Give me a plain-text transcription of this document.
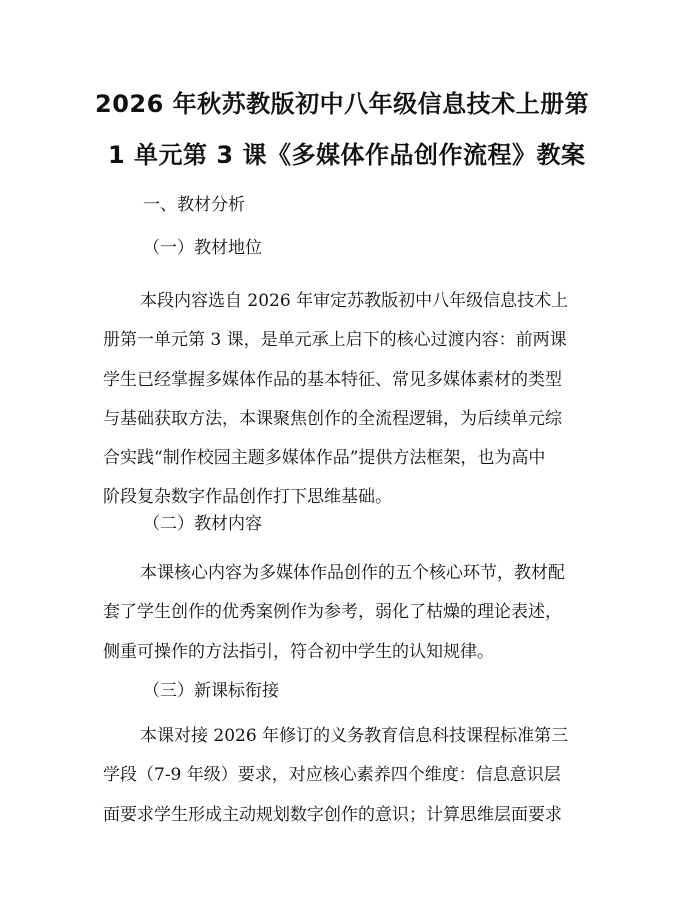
2026 年秋苏教版初中八年级信息技术上册第
1 单元第 3 课《多媒体作品创作流程》教案
一、教材分析
（一）教材地位
本段内容选自 2026 年审定苏教版初中八年级信息技术上
册第一单元第 3 课，是单元承上启下的核心过渡内容：前两课
学生已经掌握多媒体作品的基本特征、常见多媒体素材的类型
与基础获取方法，本课聚焦创作的全流程逻辑，为后续单元综
合实践“制作校园主题多媒体作品”提供方法框架，也为高中
阶段复杂数字作品创作打下思维基础。
（二）教材内容
本课核心内容为多媒体作品创作的五个核心环节，教材配
套了学生创作的优秀案例作为参考，弱化了枯燥的理论表述，
侧重可操作的方法指引，符合初中学生的认知规律。
（三）新课标衔接
本课对接 2026 年修订的义务教育信息科技课程标准第三
学段（7-9 年级）要求，对应核心素养四个维度：信息意识层
面要求学生形成主动规划数字创作的意识；计算思维层面要求
